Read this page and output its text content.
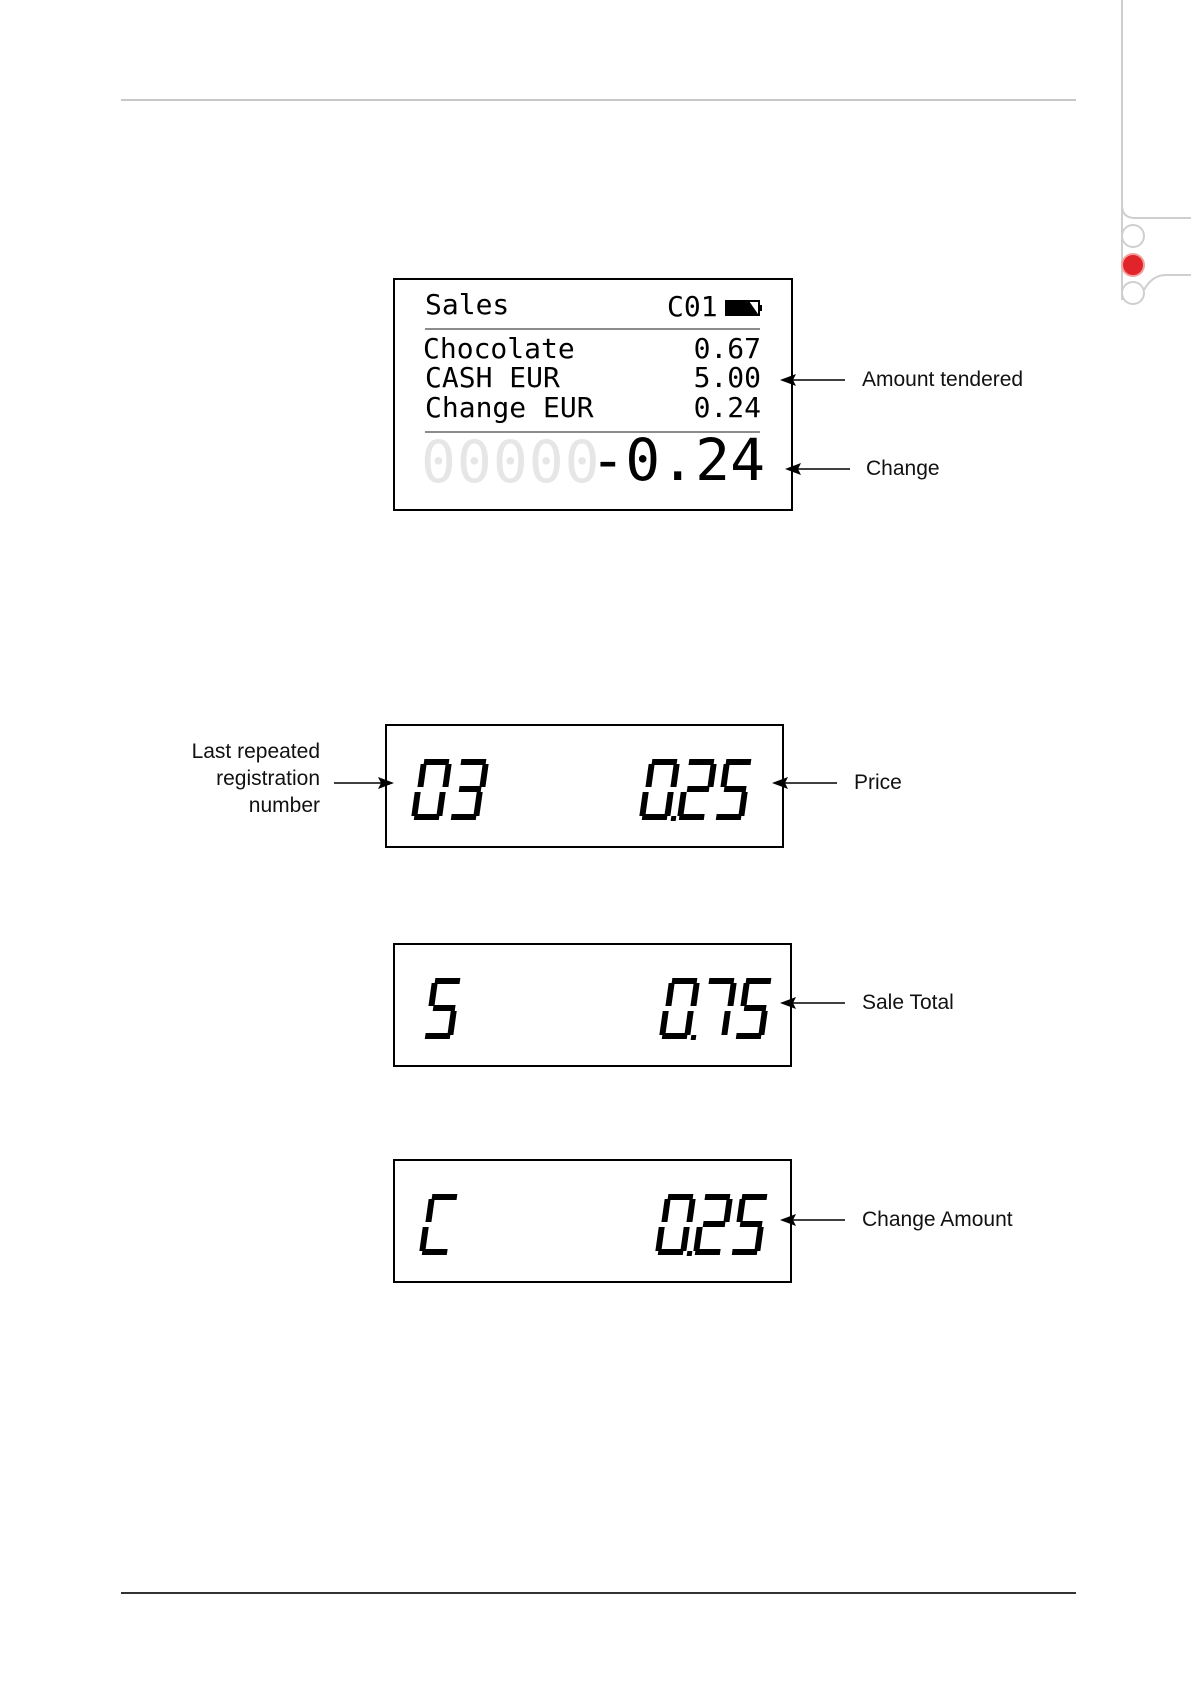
Sales	C01
Chocolate	0.67
CASH EUR	5.00
Change EUR	0.24
00000
-0.24
Amount tendered
Change
Last repeated registration number
Price
Sale Total
Change Amount
